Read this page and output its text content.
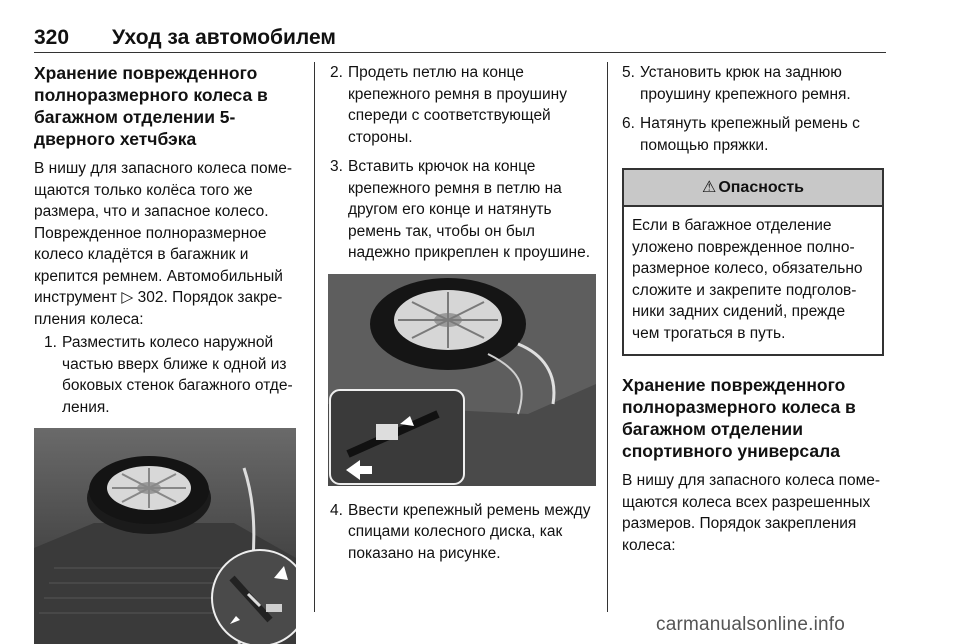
320 Уход за автомобилем
Хранение поврежденного полноразмерного колеса в багажном отделении 5-дверного хетчбэка

В нишу для запасного колеса поме-щаются только колёса того же размера, что и запасное колесо. Поврежденное полноразмерное колесо кладётся в багажник и крепится ремнем. Автомобильный инструмент ▷ 302. Порядок закре-пления колеса:

1. Разместить колесо наружной частью вверх ближе к одной из боковых стенок багажного отде-ления.
2. Продеть петлю на конце крепежного ремня в проушину спереди с соответствующей стороны.
3. Вставить крючок на конце крепежного ремня в петлю на другом его конце и натянуть ремень так, чтобы он был надежно прикреплен к проушине.
4. Ввести крепежный ремень между спицами колесного диска, как показано на рисунке.
5. Установить крюк на заднюю проушину крепежного ремня.
6. Натянуть крепежный ремень с помощью пряжки.
⚠ Опасность
Если в багажное отделение уложено поврежденное полно-размерное колесо, обязательно сложите и закрепите подголов-ники задних сидений, прежде чем трогаться в путь.
Хранение поврежденного полноразмерного колеса в багажном отделении спортивного универсала

В нишу для запасного колеса поме-щаются колеса всех разрешенных размеров. Порядок закрепления колеса:

carmanualsonline.info
